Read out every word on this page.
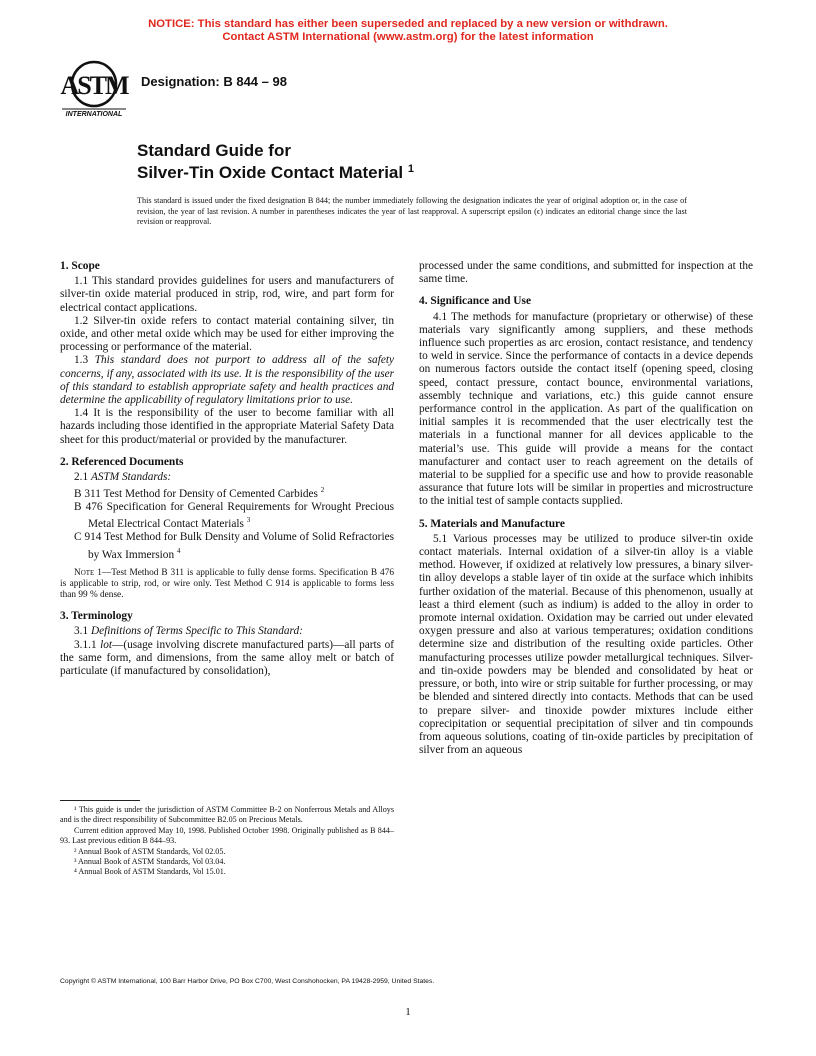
NOTICE: This standard has either been superseded and replaced by a new version or withdrawn.
Contact ASTM International (www.astm.org) for the latest information
ASTM
INTERNATIONAL
Designation: B 844 – 98
Standard Guide for
Silver-Tin Oxide Contact Material $^1$
This standard is issued under the fixed designation B 844; the number immediately following the designation indicates the year of original adoption or, in the case of revision, the year of last revision. A number in parentheses indicates the year of last reapproval. A superscript epsilon (ϵ) indicates an editorial change since the last revision or reapproval.
1. Scope

1.1 This standard provides guidelines for users and manufacturers of silver-tin oxide material produced in strip, rod, wire, and part form for electrical contact applications.

1.2 Silver-tin oxide refers to contact material containing silver, tin oxide, and other metal oxide which may be used for either improving the processing or performance of the material.

1.3 This standard does not purport to address all of the safety concerns, if any, associated with its use. It is the responsibility of the user of this standard to establish appropriate safety and health practices and determine the applicability of regulatory limitations prior to use.

1.4 It is the responsibility of the user to become familiar with all hazards including those identified in the appropriate Material Safety Data sheet for this product/material or provided by the manufacturer.

2. Referenced Documents

2.1 ASTM Standards:

B 311 Test Method for Density of Cemented Carbides $^2$
B 476 Specification for General Requirements for Wrought Precious Metal Electrical Contact Materials $^3$
C 914 Test Method for Bulk Density and Volume of Solid Refractories by Wax Immersion $^4$
Note 1—Test Method B 311 is applicable to fully dense forms. Specification B 476 is applicable to strip, rod, or wire only. Test Method C 914 is applicable to forms less than 99 % dense.
3. Terminology

3.1 Definitions of Terms Specific to This Standard:

3.1.1 lot—(usage involving discrete manufactured parts)—all parts of the same form, and dimensions, from the same alloy melt or batch of particulate (if manufactured by consolidation),

¹ This guide is under the jurisdiction of ASTM Committee B-2 on Nonferrous Metals and Alloys and is the direct responsibility of Subcommittee B2.05 on Precious Metals.

Current edition approved May 10, 1998. Published October 1998. Originally published as B 844–93. Last previous edition B 844–93.

² Annual Book of ASTM Standards, Vol 02.05.

³ Annual Book of ASTM Standards, Vol 03.04.

⁴ Annual Book of ASTM Standards, Vol 15.01.

processed under the same conditions, and submitted for inspection at the same time.

4. Significance and Use

4.1 The methods for manufacture (proprietary or otherwise) of these materials vary significantly among suppliers, and these methods influence such properties as arc erosion, contact resistance, and tendency to weld in service. Since the performance of contacts in a device depends on numerous factors outside the contact itself (opening speed, closing speed, contact pressure, contact bounce, environmental variations, assembly technique and variations, etc.) this guide cannot ensure performance control in the application. As part of the qualification on initial samples it is recommended that the user electrically test the materials in a functional manner for all devices applicable to the material’s use. This guide will provide a means for the contact manufacturer and contact user to reach agreement on the details of material to be supplied for a specific use and how to provide reasonable assurance that future lots will be similar in properties and microstructure to the initial test of sample contacts supplied.

5. Materials and Manufacture

5.1 Various processes may be utilized to produce silver-tin oxide contact materials. Internal oxidation of a silver-tin alloy is a viable method. However, if oxidized at relatively low pressures, a binary silver-tin alloy develops a stable layer of tin oxide at the surface which inhibits further oxidation of the material. Because of this phenomenon, usually at least a third element (such as indium) is added to the alloy in order to promote internal oxidation. Oxidation may be carried out under elevated oxygen pressure and also at various temperatures; oxidation conditions determine size and distribution of the resulting oxide particles. Other manufacturing processes utilize powder metallurgical techniques. Silver- and tin-oxide powders may be blended and consolidated by heat or pressure, or both, into wire or strip suitable for further processing, or may be blended and sintered directly into contacts. Methods that can be used to prepare silver- and tinoxide powder mixtures include either coprecipitation or sequential precipitation of silver and tin compounds from aqueous solutions, coating of tin-oxide particles by precipitation of silver from an aqueous

Copyright © ASTM International, 100 Barr Harbor Drive, PO Box C700, West Conshohocken, PA 19428-2959, United States.
1
